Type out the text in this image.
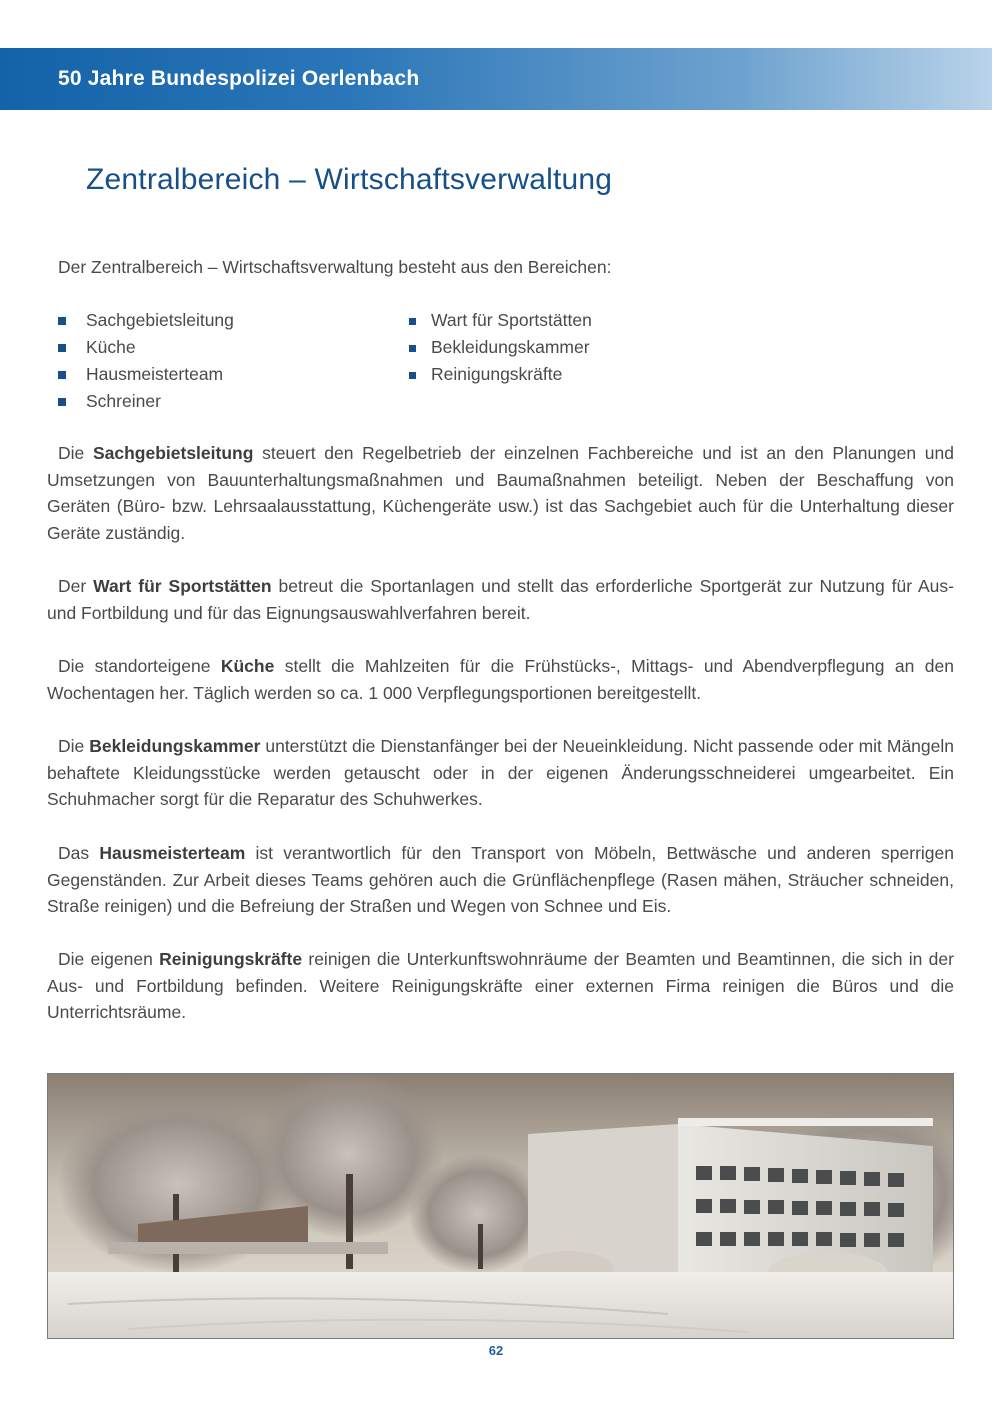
50 Jahre Bundespolizei Oerlenbach
Zentralbereich – Wirtschaftsverwaltung
Der Zentralbereich – Wirtschaftsverwaltung besteht aus den Bereichen:
Sachgebietsleitung
Küche
Hausmeisterteam
Schreiner
Wart für Sportstätten
Bekleidungskammer
Reinigungskräfte

Die Sachgebietsleitung steuert den Regelbetrieb der einzelnen Fachbereiche und ist an den Planungen und Umsetzungen von Bauunterhaltungsmaßnahmen und Baumaßnahmen beteiligt. Neben der Beschaffung von Geräten (Büro- bzw. Lehrsaalausstattung, Küchengeräte usw.) ist das Sachgebiet auch für die Unterhaltung dieser Geräte zuständig.

Der Wart für Sportstätten betreut die Sportanlagen und stellt das erforderliche Sportgerät zur Nutzung für Aus- und Fortbildung und für das Eignungsauswahlverfahren bereit.

Die standorteigene Küche stellt die Mahlzeiten für die Frühstücks-, Mittags- und Abendverpflegung an den Wochentagen her. Täglich werden so ca. 1 000 Verpflegungsportionen bereitgestellt.

Die Bekleidungskammer unterstützt die Dienstanfänger bei der Neueinkleidung. Nicht passende oder mit Mängeln behaftete Kleidungsstücke werden getauscht oder in der eigenen Änderungsschneiderei umgearbeitet. Ein Schuhmacher sorgt für die Reparatur des Schuhwerkes.

Das Hausmeisterteam ist verantwortlich für den Transport von Möbeln, Bettwäsche und anderen sperrigen Gegenständen. Zur Arbeit dieses Teams gehören auch die Grünflächenpflege (Rasen mähen, Sträucher schneiden, Straße reinigen) und die Befreiung der Straßen und Wegen von Schnee und Eis.

Die eigenen Reinigungskräfte reinigen die Unterkunftswohnräume der Beamten und Beamtinnen, die sich in der Aus- und Fortbildung befinden. Weitere Reinigungskräfte einer externen Firma reinigen die Büros und die Unterrichtsräume.

62
